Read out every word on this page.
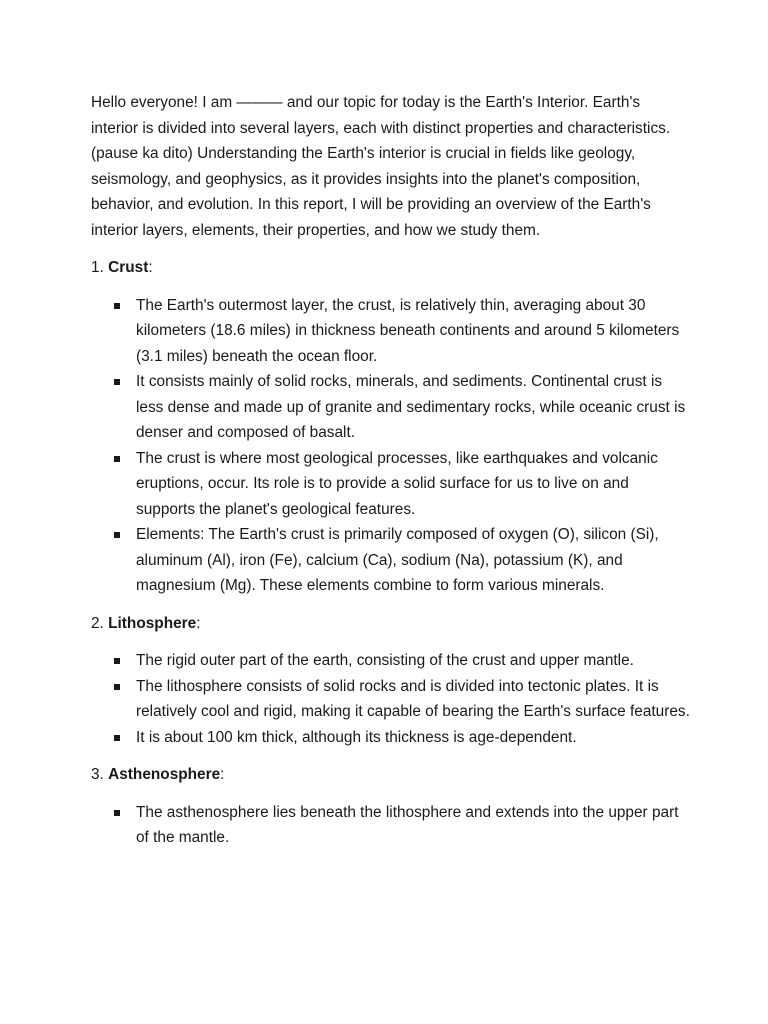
Hello everyone! I am ——— and our topic for today is the Earth's Interior. Earth's interior is divided into several layers, each with distinct properties and characteristics. (pause ka dito) Understanding the Earth's interior is crucial in fields like geology, seismology, and geophysics, as it provides insights into the planet's composition, behavior, and evolution. In this report, I will be providing an overview of the Earth's interior layers, elements, their properties, and how we study them.

1. Crust:

The Earth's outermost layer, the crust, is relatively thin, averaging about 30 kilometers (18.6 miles) in thickness beneath continents and around 5 kilometers (3.1 miles) beneath the ocean floor.
It consists mainly of solid rocks, minerals, and sediments. Continental crust is less dense and made up of granite and sedimentary rocks, while oceanic crust is denser and composed of basalt.
The crust is where most geological processes, like earthquakes and volcanic eruptions, occur. Its role is to provide a solid surface for us to live on and supports the planet's geological features.
Elements: The Earth's crust is primarily composed of oxygen (O), silicon (Si), aluminum (Al), iron (Fe), calcium (Ca), sodium (Na), potassium (K), and magnesium (Mg). These elements combine to form various minerals.

2. Lithosphere:

The rigid outer part of the earth, consisting of the crust and upper mantle.
The lithosphere consists of solid rocks and is divided into tectonic plates. It is relatively cool and rigid, making it capable of bearing the Earth's surface features.
It is about 100 km thick, although its thickness is age-dependent.

3. Asthenosphere:

The asthenosphere lies beneath the lithosphere and extends into the upper part of the mantle.
